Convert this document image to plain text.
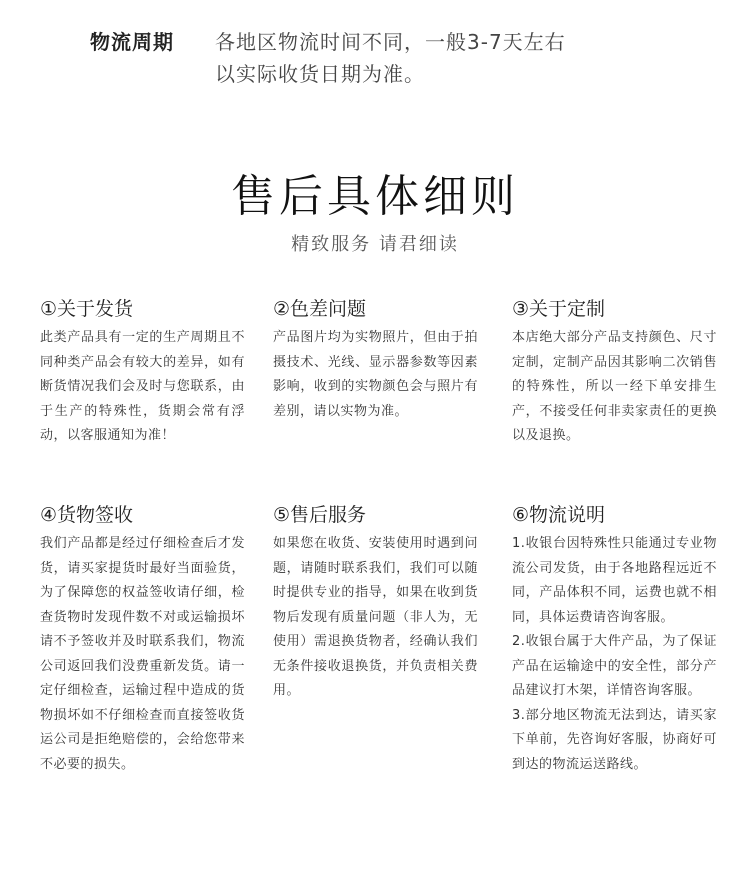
物流周期 各地区物流时间不同，一般3-7天左右
以实际收货日期为准。
售后具体细则
精致服务 请君细读
①关于发货

此类产品具有一定的生产周期且不同种类产品会有较大的差异，如有断货情况我们会及时与您联系，由于生产的特殊性，货期会常有浮动，以客服通知为准！

②色差问题

产品图片均为实物照片，但由于拍摄技术、光线、显示器参数等因素影响，收到的实物颜色会与照片有差别，请以实物为准。

③关于定制

本店绝大部分产品支持颜色、尺寸定制，定制产品因其影响二次销售的特殊性，所以一经下单安排生产，不接受任何非卖家责任的更换以及退换。

④货物签收

我们产品都是经过仔细检查后才发货，请买家提货时最好当面验货，为了保障您的权益签收请仔细，检查货物时发现件数不对或运输损坏请不予签收并及时联系我们，物流公司返回我们没费重新发货。请一定仔细检查，运输过程中造成的货物损坏如不仔细检查而直接签收货运公司是拒绝赔偿的，会给您带来不必要的损失。

⑤售后服务

如果您在收货、安装使用时遇到问题，请随时联系我们，我们可以随时提供专业的指导，如果在收到货物后发现有质量问题（非人为，无使用）需退换货物者，经确认我们无条件接收退换货，并负责相关费用。

⑥物流说明

1.收银台因特殊性只能通过专业物流公司发货，由于各地路程远近不同，产品体积不同，运费也就不相同，具体运费请咨询客服。

2.收银台属于大件产品，为了保证产品在运输途中的安全性，部分产品建议打木架，详情咨询客服。

3.部分地区物流无法到达，请买家下单前，先咨询好客服，协商好可到达的物流运送路线。
